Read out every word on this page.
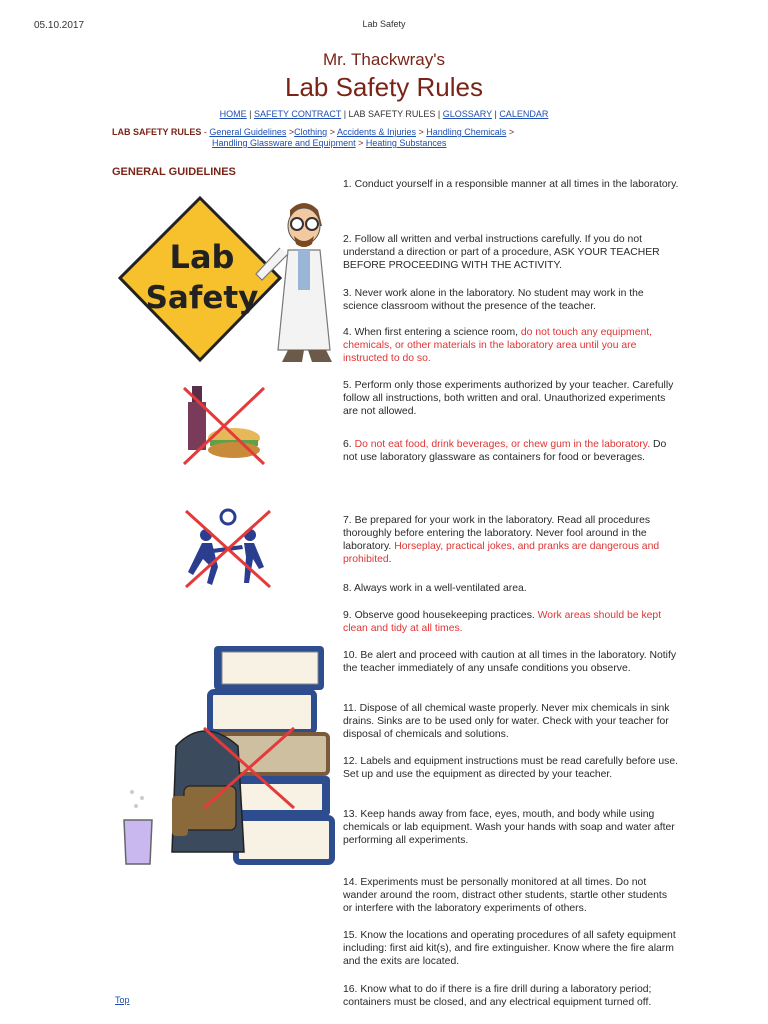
05.10.2017	Lab Safety
Mr. Thackwray's
Lab Safety Rules
HOME | SAFETY CONTRACT | LAB SAFETY RULES | GLOSSARY | CALENDAR
LAB SAFETY RULES - General Guidelines >Clothing > Accidents & Injuries > Handling Chemicals >
Handling Glassware and Equipment > Heating Substances
GENERAL GUIDELINES
Lab
Safety

1. Conduct yourself in a responsible manner at all times in the laboratory.

2. Follow all written and verbal instructions carefully. If you do not understand a direction or part of a procedure, ASK YOUR TEACHER BEFORE PROCEEDING WITH THE ACTIVITY.

3. Never work alone in the laboratory. No student may work in the science classroom without the presence of the teacher.

4. When first entering a science room, do not touch any equipment, chemicals, or other materials in the laboratory area until you are instructed to do so.

5. Perform only those experiments authorized by your teacher. Carefully follow all instructions, both written and oral. Unauthorized experiments are not allowed.

6. Do not eat food, drink beverages, or chew gum in the laboratory. Do not use laboratory glassware as containers for food or beverages.

7. Be prepared for your work in the laboratory. Read all procedures thoroughly before entering the laboratory. Never fool around in the laboratory. Horseplay, practical jokes, and pranks are dangerous and prohibited.

8. Always work in a well-ventilated area.

9. Observe good housekeeping practices. Work areas should be kept clean and tidy at all times.

10. Be alert and proceed with caution at all times in the laboratory. Notify the teacher immediately of any unsafe conditions you observe.

11. Dispose of all chemical waste properly. Never mix chemicals in sink drains. Sinks are to be used only for water. Check with your teacher for disposal of chemicals and solutions.

12. Labels and equipment instructions must be read carefully before use. Set up and use the equipment as directed by your teacher.

13. Keep hands away from face, eyes, mouth, and body while using chemicals or lab equipment. Wash your hands with soap and water after performing all experiments.

14. Experiments must be personally monitored at all times. Do not wander around the room, distract other students, startle other students or interfere with the laboratory experiments of others.

15. Know the locations and operating procedures of all safety equipment including: first aid kit(s), and fire extinguisher. Know where the fire alarm and the exits are located.

16. Know what to do if there is a fire drill during a laboratory period; containers must be closed, and any electrical equipment turned off.

Top
